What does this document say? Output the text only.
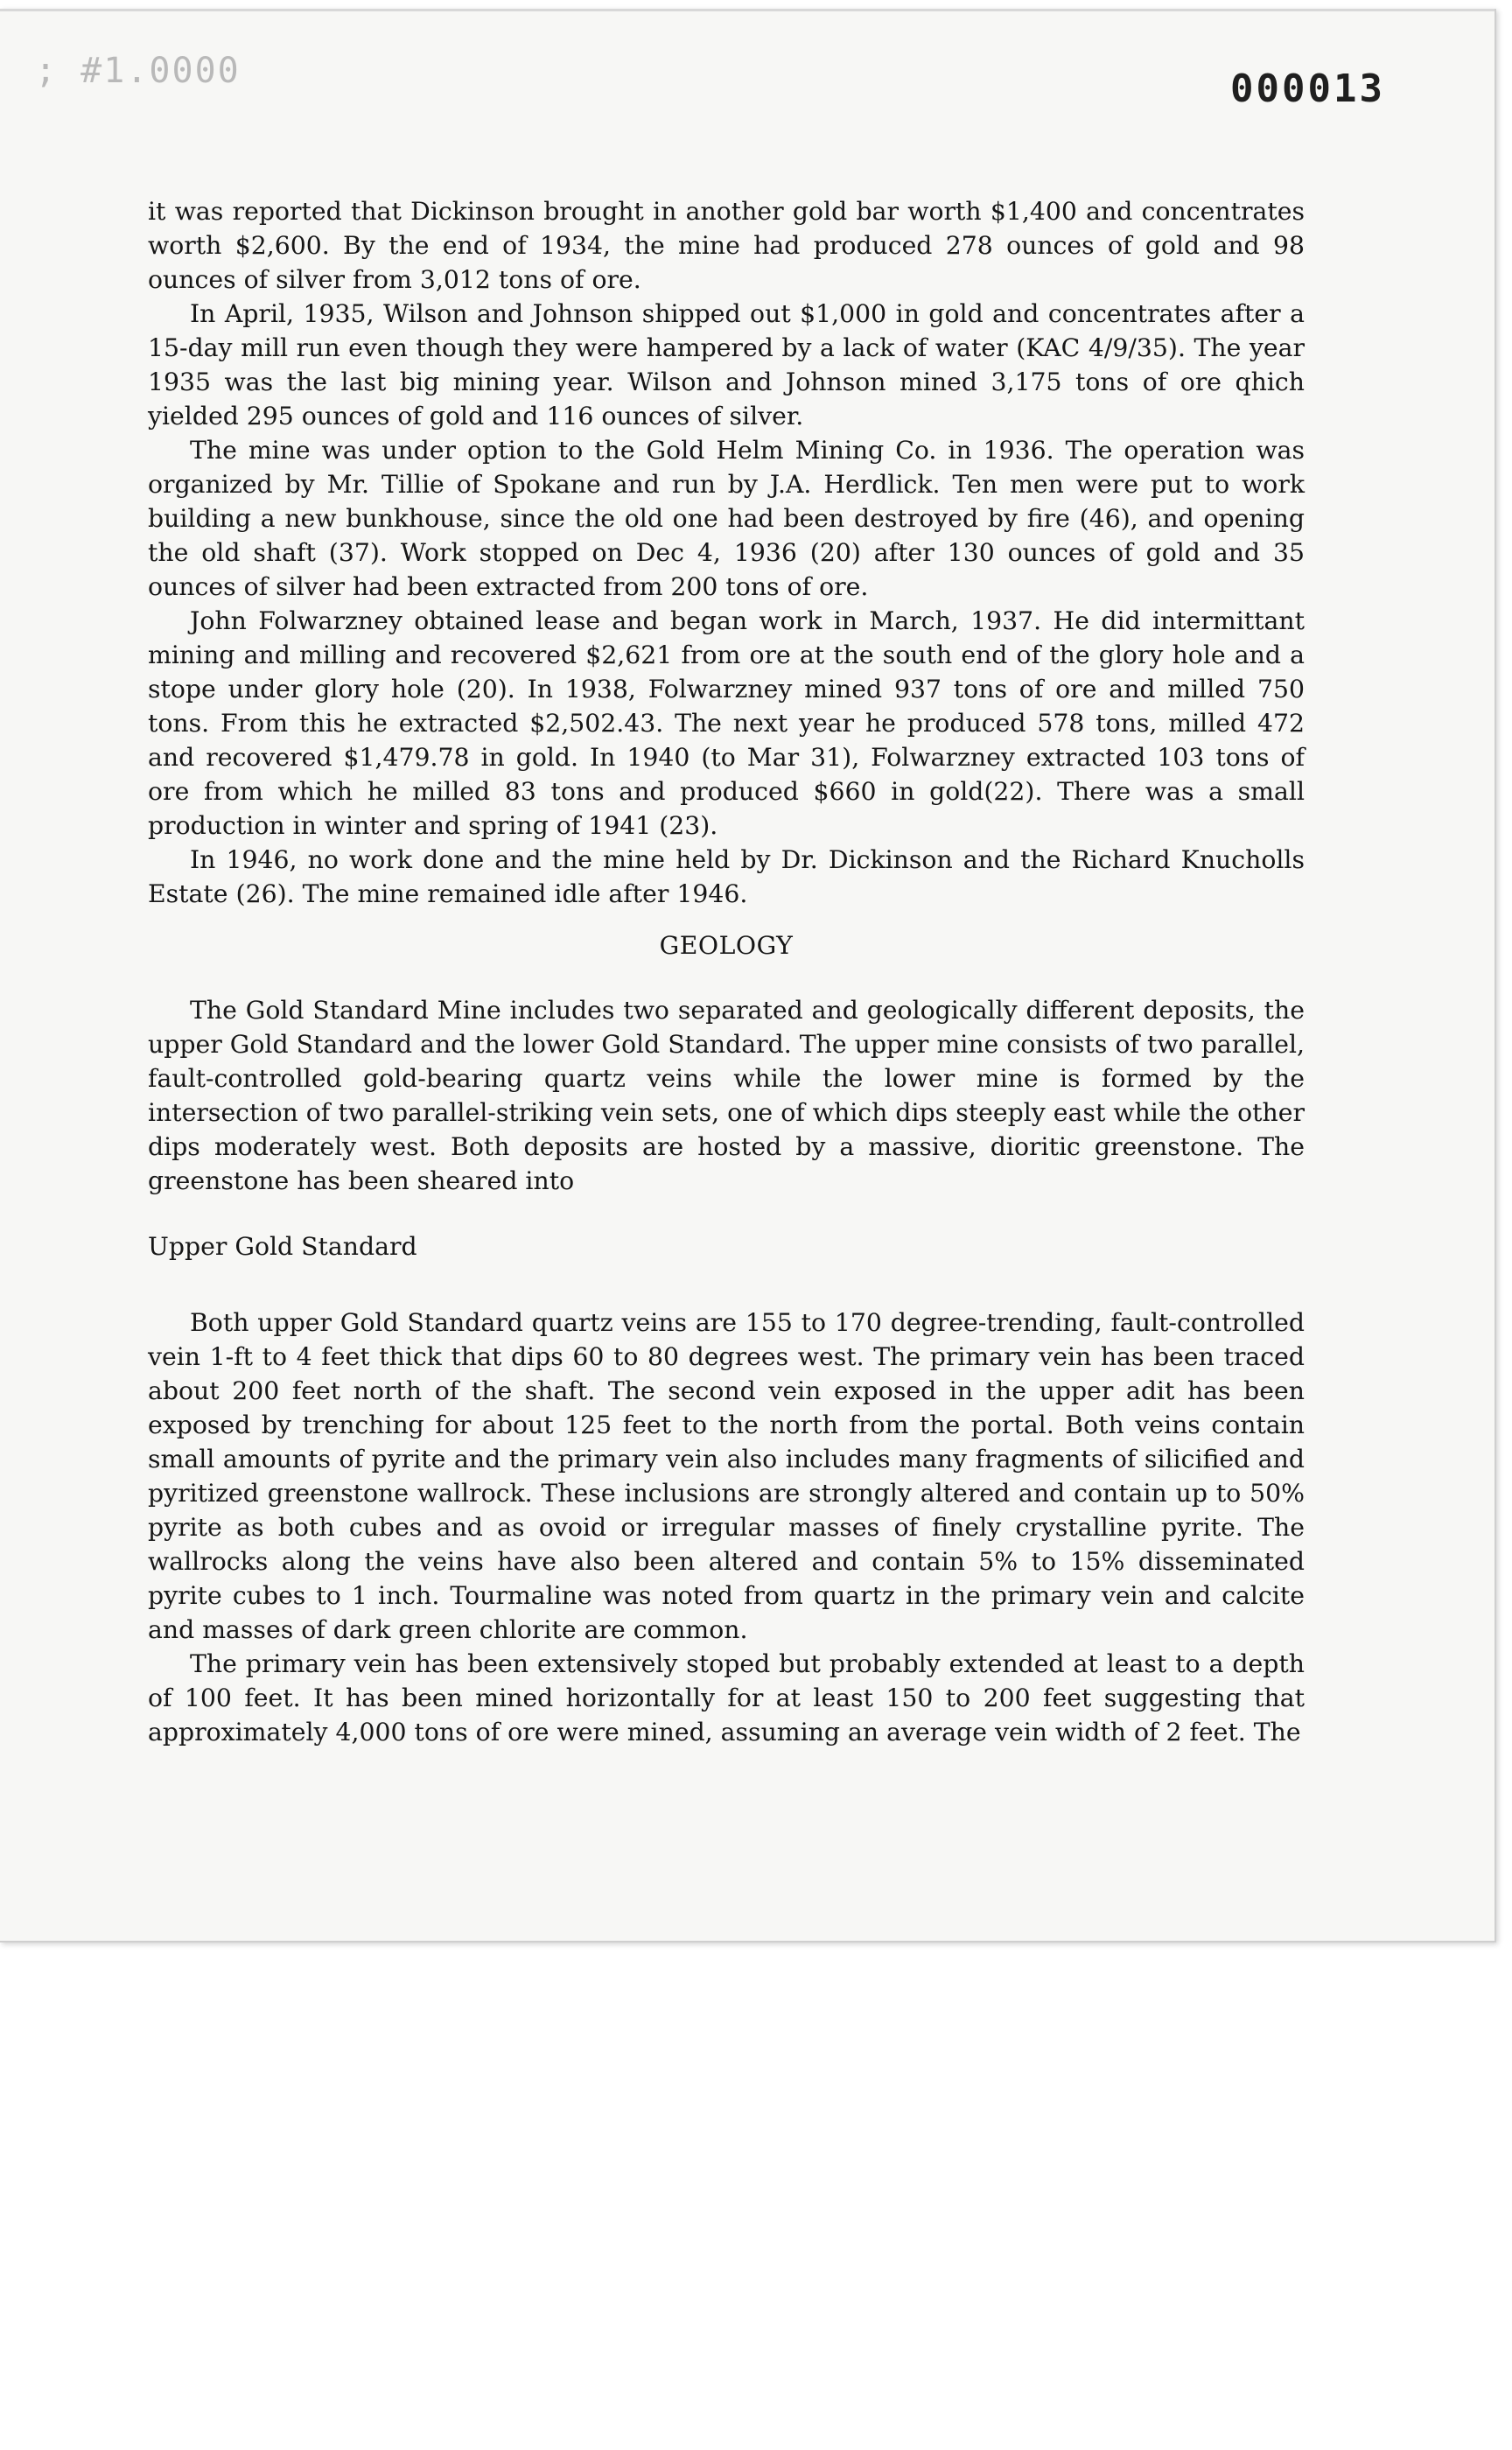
; #1.0000	000013

it was reported that Dickinson brought in another gold bar worth $1,400 and concentrates worth $2,600. By the end of 1934, the mine had produced 278 ounces of gold and 98 ounces of silver from 3,012 tons of ore.

In April, 1935, Wilson and Johnson shipped out $1,000 in gold and concentrates after a 15-day mill run even though they were hampered by a lack of water (KAC 4/9/35). The year 1935 was the last big mining year. Wilson and Johnson mined 3,175 tons of ore qhich yielded 295 ounces of gold and 116 ounces of silver.

The mine was under option to the Gold Helm Mining Co. in 1936. The operation was organized by Mr. Tillie of Spokane and run by J.A. Herdlick. Ten men were put to work building a new bunkhouse, since the old one had been destroyed by fire (46), and opening the old shaft (37). Work stopped on Dec 4, 1936 (20) after 130 ounces of gold and 35 ounces of silver had been extracted from 200 tons of ore.

John Folwarzney obtained lease and began work in March, 1937. He did intermittant mining and milling and recovered $2,621 from ore at the south end of the glory hole and a stope under glory hole (20). In 1938, Folwarzney mined 937 tons of ore and milled 750 tons. From this he extracted $2,502.43. The next year he produced 578 tons, milled 472 and recovered $1,479.78 in gold. In 1940 (to Mar 31), Folwarzney extracted 103 tons of ore from which he milled 83 tons and produced $660 in gold(22). There was a small production in winter and spring of 1941 (23).

In 1946, no work done and the mine held by Dr. Dickinson and the Richard Knucholls Estate (26). The mine remained idle after 1946.

GEOLOGY

The Gold Standard Mine includes two separated and geologically different deposits, the upper Gold Standard and the lower Gold Standard. The upper mine consists of two parallel, fault-controlled gold-bearing quartz veins while the lower mine is formed by the intersection of two parallel-striking vein sets, one of which dips steeply east while the other dips moderately west. Both deposits are hosted by a massive, dioritic greenstone. The greenstone has been sheared into

Upper Gold Standard

Both upper Gold Standard quartz veins are 155 to 170 degree-trending, fault-controlled vein 1-ft to 4 feet thick that dips 60 to 80 degrees west. The primary vein has been traced about 200 feet north of the shaft. The second vein exposed in the upper adit has been exposed by trenching for about 125 feet to the north from the portal. Both veins contain small amounts of pyrite and the primary vein also includes many fragments of silicified and pyritized greenstone wallrock. These inclusions are strongly altered and contain up to 50% pyrite as both cubes and as ovoid or irregular masses of finely crystalline pyrite. The wallrocks along the veins have also been altered and contain 5% to 15% disseminated pyrite cubes to 1 inch. Tourmaline was noted from quartz in the primary vein and calcite and masses of dark green chlorite are common.

The primary vein has been extensively stoped but probably extended at least to a depth of 100 feet. It has been mined horizontally for at least 150 to 200 feet suggesting that approximately 4,000 tons of ore were mined, assuming an average vein width of 2 feet. The
